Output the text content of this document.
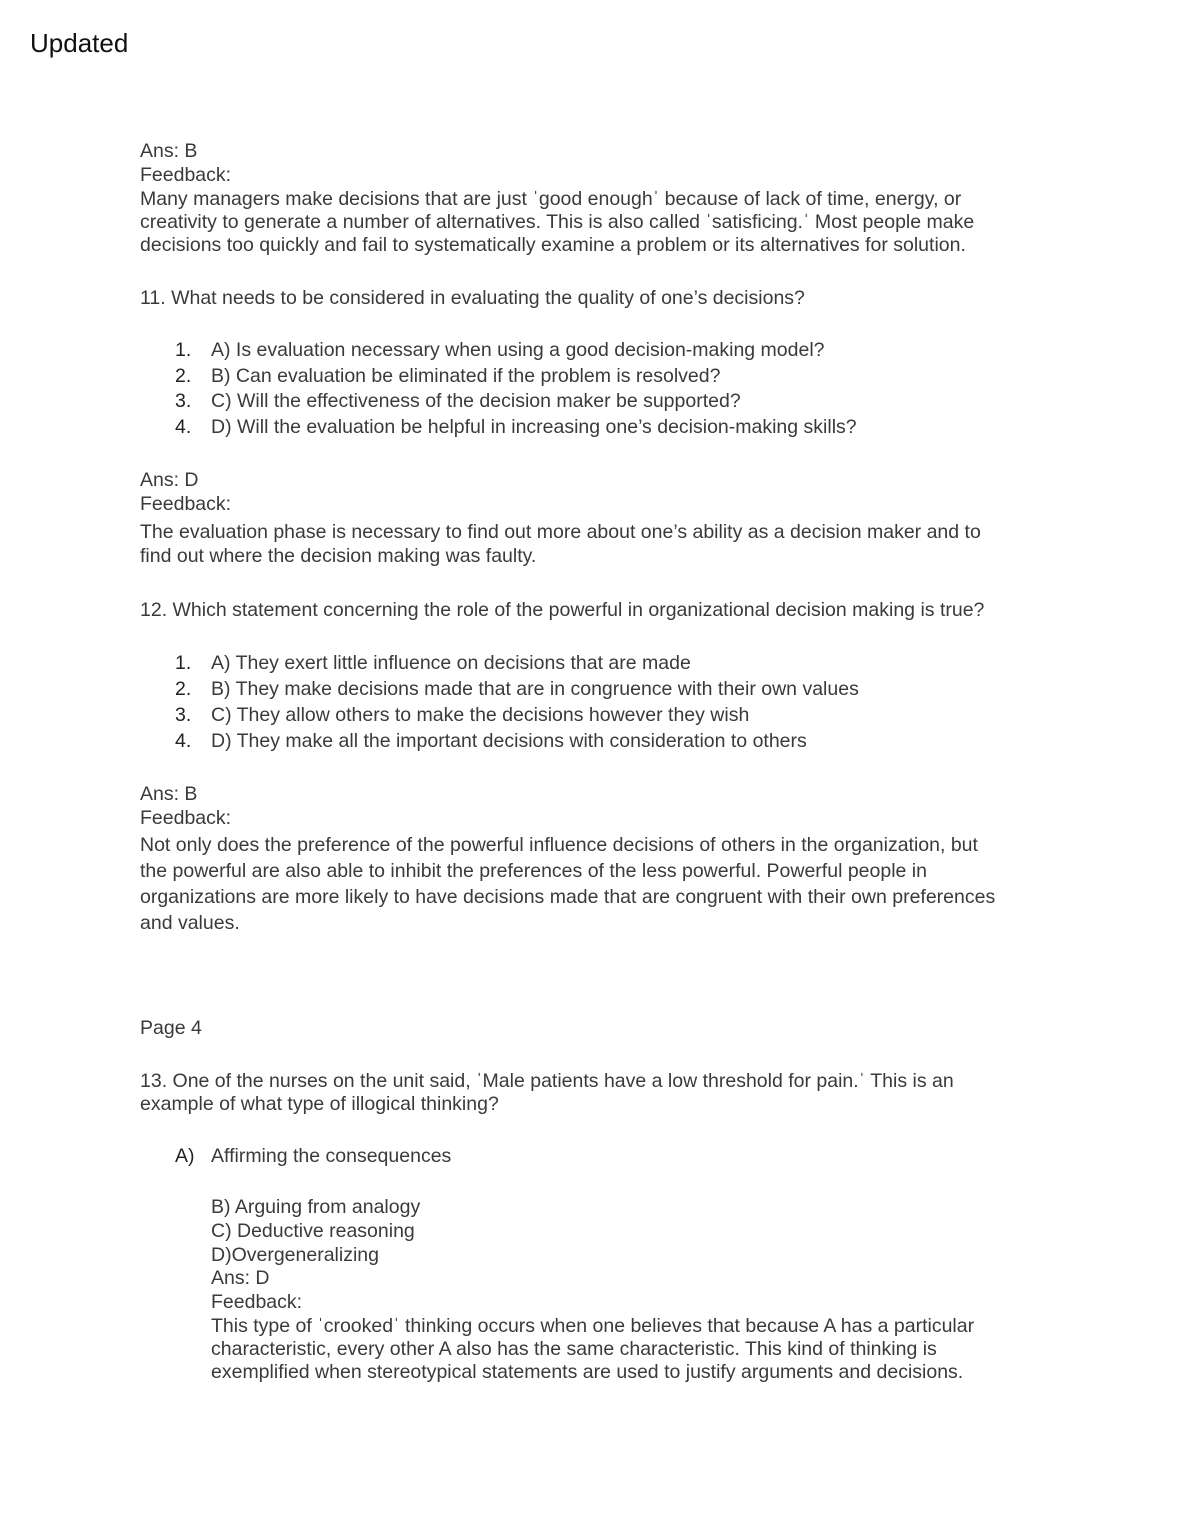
Updated
Ans: B
Feedback:
Many managers make decisions that are just ˈgood enoughˈ because of lack of time, energy, or
creativity to generate a number of alternatives. This is also called ˈsatisficing.ˈ Most people make
decisions too quickly and fail to systematically examine a problem or its alternatives for solution.
11. What needs to be considered in evaluating the quality of one’s decisions?
1. A) Is evaluation necessary when using a good decision-making model?
2. B) Can evaluation be eliminated if the problem is resolved?
3. C) Will the effectiveness of the decision maker be supported?
4. D) Will the evaluation be helpful in increasing one’s decision-making skills?
Ans: D
Feedback:
The evaluation phase is necessary to find out more about one’s ability as a decision maker and to
find out where the decision making was faulty.
12. Which statement concerning the role of the powerful in organizational decision making is true?
1. A) They exert little influence on decisions that are made
2. B) They make decisions made that are in congruence with their own values
3. C) They allow others to make the decisions however they wish
4. D) They make all the important decisions with consideration to others
Ans: B
Feedback:
Not only does the preference of the powerful influence decisions of others in the organization, but
the powerful are also able to inhibit the preferences of the less powerful. Powerful people in
organizations are more likely to have decisions made that are congruent with their own preferences
and values.
Page 4
13. One of the nurses on the unit said, ˈMale patients have a low threshold for pain.ˈ This is an
example of what type of illogical thinking?
A) Affirming the consequences
B) Arguing from analogy
C) Deductive reasoning
D)Overgeneralizing
Ans: D
Feedback:
This type of ˈcrookedˈ thinking occurs when one believes that because A has a particular
characteristic, every other A also has the same characteristic. This kind of thinking is
exemplified when stereotypical statements are used to justify arguments and decisions.
